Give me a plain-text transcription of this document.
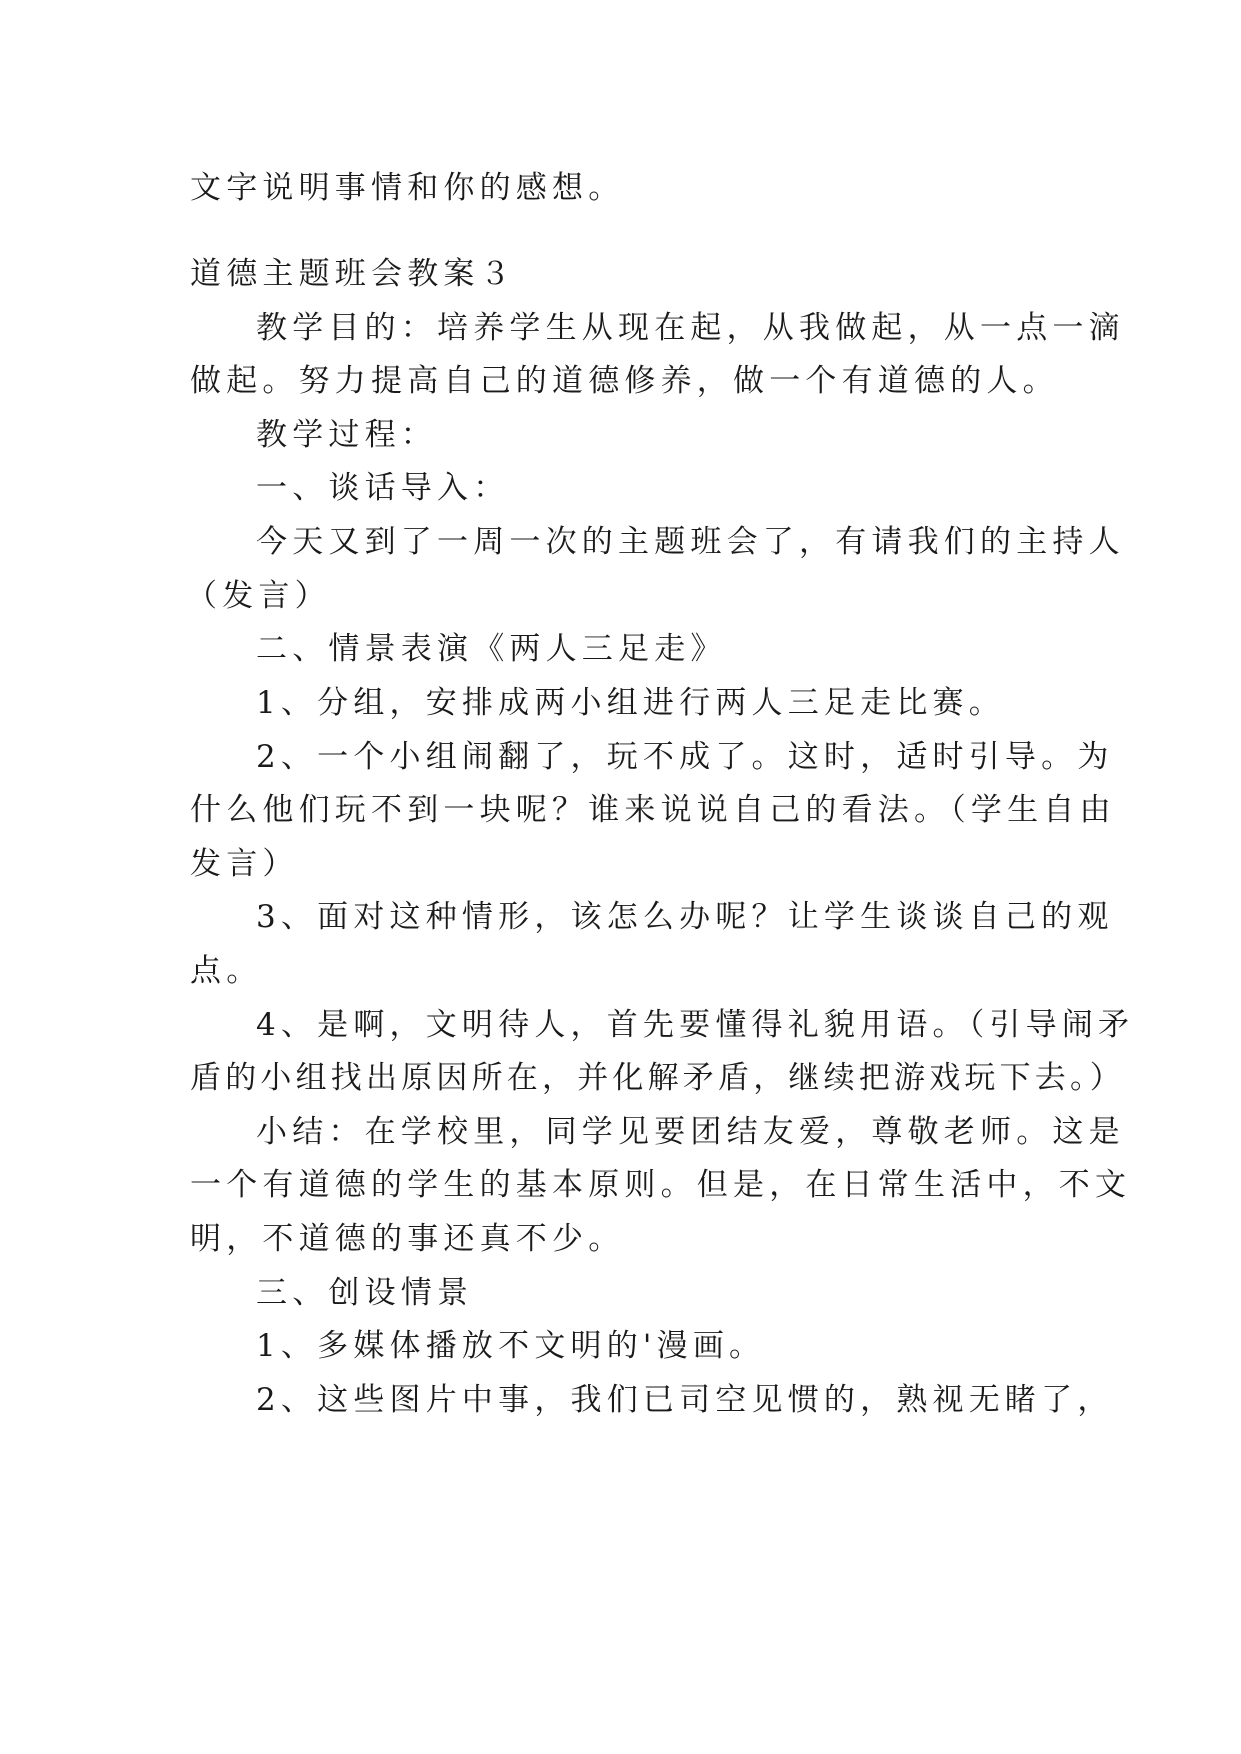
文字说明事情和你的感想。

道德主题班会教案３

教学目的：培养学生从现在起，从我做起，从一点一滴

做起。努力提高自己的道德修养，做一个有道德的人。

教学过程：

一、谈话导入：

今天又到了一周一次的主题班会了，有请我们的主持人

（发言）

二、情景表演《两人三足走》

1、分组，安排成两小组进行两人三足走比赛。

2、一个小组闹翻了，玩不成了。这时，适时引导。为

什么他们玩不到一块呢？谁来说说自己的看法。（学生自由

发言）

3、面对这种情形，该怎么办呢？让学生谈谈自己的观

点。

4、是啊，文明待人，首先要懂得礼貌用语。（引导闹矛

盾的小组找出原因所在，并化解矛盾，继续把游戏玩下去。）

小结：在学校里，同学见要团结友爱，尊敬老师。这是

一个有道德的学生的基本原则。但是，在日常生活中，不文

明，不道德的事还真不少。

三、创设情景

1、多媒体播放不文明的'漫画。

2、这些图片中事，我们已司空见惯的，熟视无睹了，
